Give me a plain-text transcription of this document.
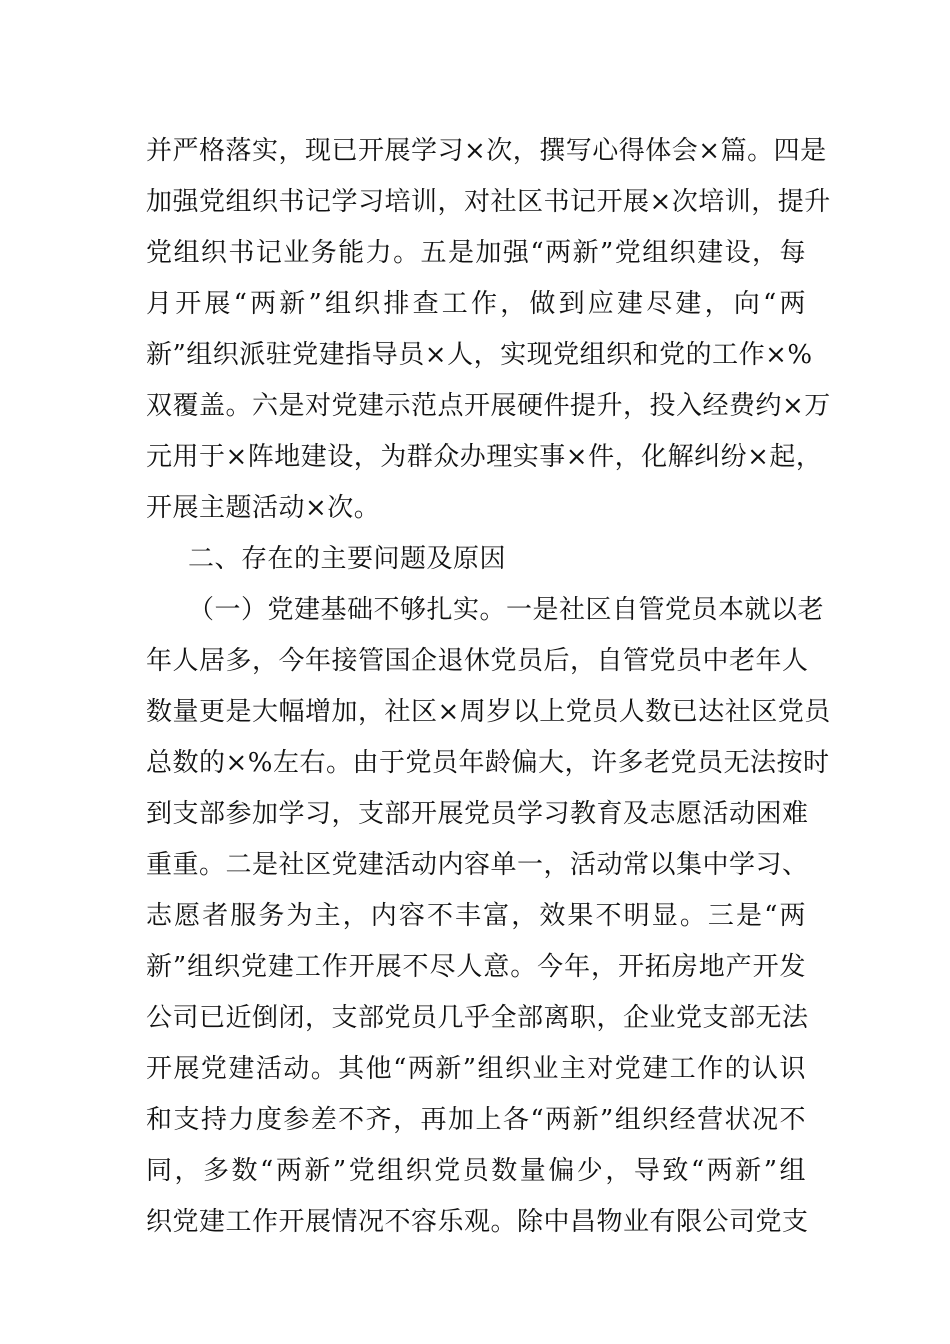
并严格落实，现已开展学习×次，撰写心得体会×篇。四是
加强党组织书记学习培训，对社区书记开展×次培训，提升
党组织书记业务能力。五是加强“两新”党组织建设，每
月开展“两新”组织排查工作，做到应建尽建，向“两
新”组织派驻党建指导员×人，实现党组织和党的工作×%
双覆盖。六是对党建示范点开展硬件提升，投入经费约×万
元用于×阵地建设，为群众办理实事×件，化解纠纷×起，
开展主题活动×次。
二、存在的主要问题及原因
（一）党建基础不够扎实。一是社区自管党员本就以老
年人居多，今年接管国企退休党员后，自管党员中老年人
数量更是大幅增加，社区×周岁以上党员人数已达社区党员
总数的×%左右。由于党员年龄偏大，许多老党员无法按时
到支部参加学习，支部开展党员学习教育及志愿活动困难
重重。二是社区党建活动内容单一，活动常以集中学习、
志愿者服务为主，内容不丰富，效果不明显。三是“两
新”组织党建工作开展不尽人意。今年，开拓房地产开发
公司已近倒闭，支部党员几乎全部离职，企业党支部无法
开展党建活动。其他“两新”组织业主对党建工作的认识
和支持力度参差不齐，再加上各“两新”组织经营状况不
同，多数“两新”党组织党员数量偏少，导致“两新”组
织党建工作开展情况不容乐观。除中昌物业有限公司党支
